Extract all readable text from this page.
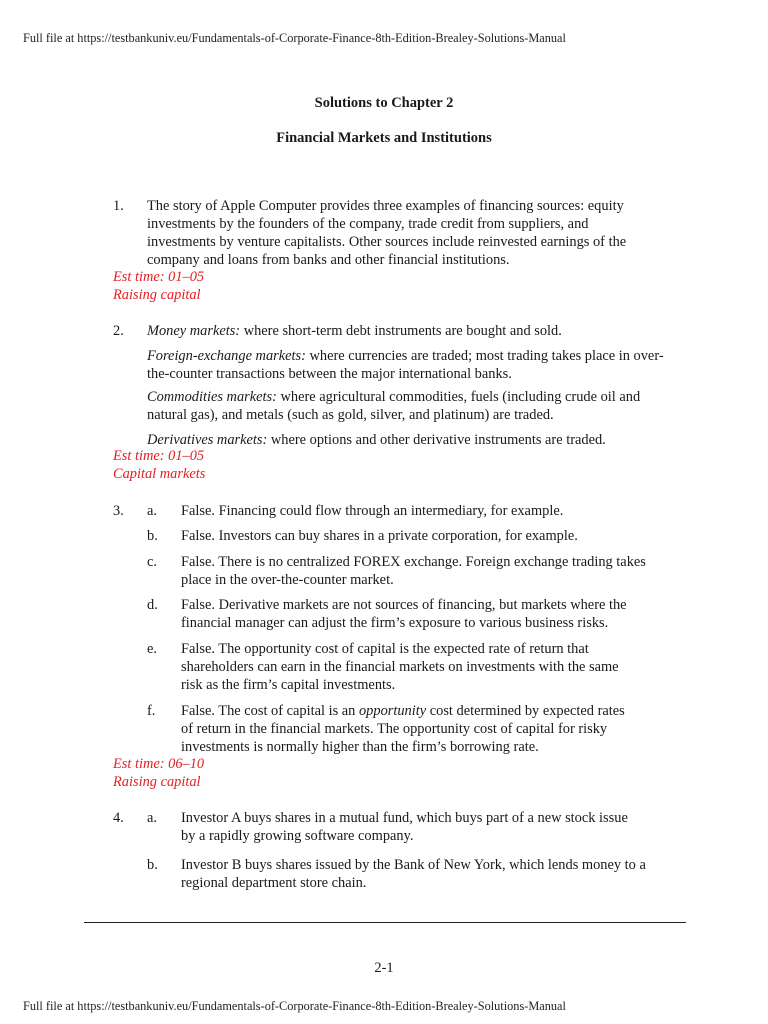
Full file at https://testbankuniv.eu/Fundamentals-of-Corporate-Finance-8th-Edition-Brealey-Solutions-Manual
Solutions to Chapter 2
Financial Markets and Institutions
1. The story of Apple Computer provides three examples of financing sources: equity
investments by the founders of the company, trade credit from suppliers, and
investments by venture capitalists. Other sources include reinvested earnings of the
company and loans from banks and other financial institutions.
Est time: 01–05
Raising capital
2. Money markets: where short-term debt instruments are bought and sold.
Foreign-exchange markets: where currencies are traded; most trading takes place in over-
the-counter transactions between the major international banks.
Commodities markets: where agricultural commodities, fuels (including crude oil and
natural gas), and metals (such as gold, silver, and platinum) are traded.
Derivatives markets: where options and other derivative instruments are traded.
Est time: 01–05
Capital markets
3. a. False. Financing could flow through an intermediary, for example.
b. False. Investors can buy shares in a private corporation, for example.
c. False. There is no centralized FOREX exchange. Foreign exchange trading takes
place in the over-the-counter market.
d. False. Derivative markets are not sources of financing, but markets where the
financial manager can adjust the firm’s exposure to various business risks.
e. False. The opportunity cost of capital is the expected rate of return that
shareholders can earn in the financial markets on investments with the same
risk as the firm’s capital investments.
f. False. The cost of capital is an opportunity cost determined by expected rates
of return in the financial markets. The opportunity cost of capital for risky
investments is normally higher than the firm’s borrowing rate.
Est time: 06–10
Raising capital
4. a. Investor A buys shares in a mutual fund, which buys part of a new stock issue
by a rapidly growing software company.
b. Investor B buys shares issued by the Bank of New York, which lends money to a
regional department store chain.
2-1
Full file at https://testbankuniv.eu/Fundamentals-of-Corporate-Finance-8th-Edition-Brealey-Solutions-Manual
